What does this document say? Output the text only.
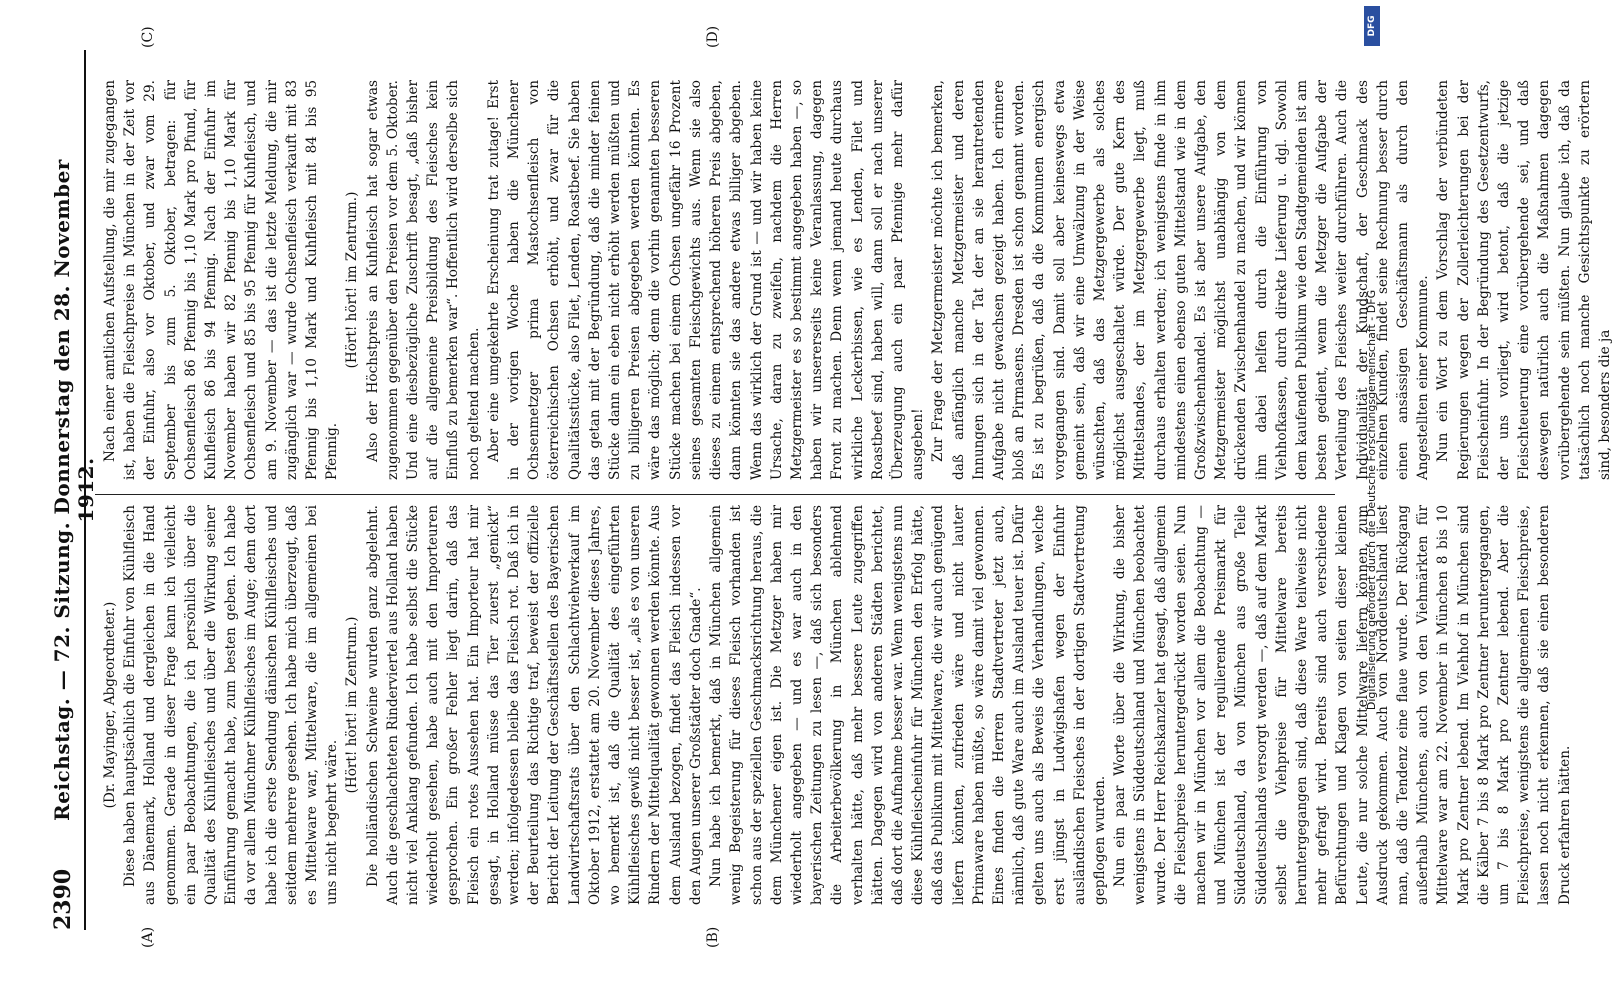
2390
Reichstag. — 72. Sitzung. Donnerstag den 28. November 1912.
(A)
(C)

(Dr. Mayinger, Abgeordneter.) Diese haben hauptsächlich die Einfuhr von Kühlfleisch aus Dänemark, Holland und dergleichen in die Hand genommen. Gerade in dieser Frage kann ich vielleicht ein paar Beobachtungen, die ich persönlich über die Qualität des Kühlfleisches und über die Wirkung seiner Einführung gemacht habe, zum besten geben. Ich habe da vor allem Münchner Kühlfleisches im Auge; denn dort habe ich die erste Sendung dänischen Kühlfleisches und seitdem mehrere gesehen. Ich habe mich überzeugt, daß es Mittelware war, Mittelware, die im allgemeinen bei uns nicht begehrt wäre.

(Hört! hört! im Zentrum.) Die holländischen Schweine wurden ganz abgelehnt. Auch die geschlachteten Rinderviertel aus Holland haben nicht viel Anklang gefunden. Ich habe selbst die Stücke wiederholt gesehen, habe auch mit den Importeuren gesprochen. Ein großer Fehler liegt darin, daß das Fleisch ein rotes Aussehen hat. Ein Importeur hat mir gesagt, in Holland müsse das Tier zuerst „genickt“ werden; infolgedessen bleibe das Fleisch rot. Daß ich in der Beurteilung das Richtige traf, beweist der offizielle Bericht der Leitung der Geschäftsstellen des Bayerischen Landwirtschaftsrats über den Schlachtviehverkauf im Oktober 1912, erstattet am 20. November dieses Jahres, wo bemerkt ist, daß die Qualität des eingeführten Kühlfleisches gewiß nicht besser ist, „als es von unseren Rindern der Mittelqualität gewonnen werden könnte. Aus dem Ausland bezogen, findet das Fleisch indessen vor den Augen unserer Großstädter doch Gnade“. Nun habe ich bemerkt, daß in München allgemein wenig Begeisterung für dieses Fleisch vorhanden ist schon aus der speziellen Geschmacksrichtung heraus, die dem Münchener eigen ist. Die Metzger haben mir wiederholt angegeben — und es war auch in den bayerischen Zeitungen zu lesen —, daß sich besonders die Arbeiterbevölkerung in München ablehnend verhalten hätte, daß mehr bessere Leute zugegriffen hätten. Dagegen wird von anderen Städten berichtet, daß dort die Aufnahme besser war. Wenn wenigstens nun diese Kühlfleischeinfuhr für München den Erfolg hätte, daß das Publikum mit Mittelware, die wir auch genügend liefern könnten, zufrieden wäre und nicht lauter Primaware haben müßte, so wäre damit viel gewonnen. Eines finden die Herren Stadtvertreter jetzt auch, nämlich, daß gute Ware auch im Ausland teuer ist. Dafür gelten uns auch als Beweis die Verhandlungen, welche erst jüngst in Ludwigshafen wegen der Einfuhr ausländischen Fleisches in der dortigen Stadtvertretung gepflogen wurden. Nun ein paar Worte über die Wirkung, die bisher wenigstens in Süddeutschland und München beobachtet wurde. Der Herr Reichskanzler hat gesagt, daß allgemein die Fleischpreise heruntergedrückt worden seien. Nun machen wir in München vor allem die Beobachtung — und München ist der regulierende Preismarkt für Süddeutschland, da von München aus große Teile Süddeutschlands versorgt werden —, daß auf dem Markt selbst die Viehpreise für Mittelware bereits heruntergegangen sind, daß diese Ware teilweise nicht mehr gefragt wird. Bereits sind auch verschiedene Befürchtungen und Klagen von seiten dieser kleinen Leute, die nur solche Mittelware liefern können, zum Ausdruck gekommen. Auch von Norddeutschland liest man, daß die Tendenz eine flaue wurde. Der Rückgang außerhalb Münchens, auch von den Viehmärkten für Mittelware war am 22. November in München 8 bis 10 Mark pro Zentner lebend. Im Viehhof in München sind die Kälber 7 bis 8 Mark pro Zentner heruntergegangen, um 7 bis 8 Mark pro Zentner lebend. Aber die Fleischpreise, wenigstens die allgemeinen Fleischpreise, lassen noch nicht erkennen, daß sie einen besonderen Druck erfahren hätten.

Nach einer amtlichen Aufstellung, die mir zugegangen ist, haben die Fleischpreise in München in der Zeit vor der Einfuhr, also vor Oktober, und zwar vom 29. September bis zum 5. Oktober, betragen: für Ochsenfleisch 86 Pfennig bis 1,10 Mark pro Pfund, für Kuhfleisch 86 bis 94 Pfennig. Nach der Einfuhr im November haben wir 82 Pfennig bis 1,10 Mark für Ochsenfleisch und 85 bis 95 Pfennig für Kuhfleisch, und am 9. November — das ist die letzte Meldung, die mir zugänglich war — wurde Ochsenfleisch verkauft mit 83 Pfennig bis 1,10 Mark und Kuhfleisch mit 84 bis 95 Pfennig.

(Hört! hört! im Zentrum.) Also der Höchstpreis an Kuhfleisch hat sogar etwas zugenommen gegenüber den Preisen vor dem 5. Oktober. Und eine diesbezügliche Zuschrift besagt, „daß bisher auf die allgemeine Preisbildung des Fleisches kein Einfluß zu bemerken war“. Hoffentlich wird derselbe sich noch geltend machen. Aber eine umgekehrte Erscheinung trat zutage! Erst in der vorigen Woche haben die Münchener Ochsenmetzger prima Mastochsenfleisch von österreichischen Ochsen erhöht, und zwar für die Qualitätsstücke, also Filet, Lenden, Roastbeef. Sie haben das getan mit der Begründung, daß die minder feinen Stücke dann ein eben nicht erhöht werden müßten und zu billigeren Preisen abgegeben werden könnten. Es wäre das möglich; denn die vorhin genannten besseren Stücke machen bei einem Ochsen ungefähr 16 Prozent seines gesamten Fleischgewichts aus. Wenn sie also dieses zu einem entsprechend höheren Preis abgeben, dann könnten sie das andere etwas billiger abgeben. Wenn das wirklich der Grund ist — und wir haben keine Ursache, daran zu zweifeln, nachdem die Herren Metzgermeister es so bestimmt angegeben haben —, so haben wir unsererseits keine Veranlassung, dagegen Front zu machen. Denn wenn jemand heute durchaus wirkliche Leckerbissen, wie es Lenden, Filet und Roastbeef sind, haben will, dann soll er nach unserer Überzeugung auch ein paar Pfennige mehr dafür ausgeben! Zur Frage der Metzgermeister möchte ich bemerken, daß anfänglich manche Metzgermeister und deren Innungen sich in der Tat der an sie herantretenden Aufgabe nicht gewachsen gezeigt haben. Ich erinnere bloß an Pirmasens. Dresden ist schon genannt worden. Es ist zu begrüßen, daß da die Kommunen energisch vorgegangen sind. Damit soll aber keineswegs etwa gemeint sein, daß wir eine Umwälzung in der Weise wünschten, daß das Metzgergewerbe als solches möglichst ausgeschaltet würde. Der gute Kern des Mittelstandes, der im Metzgergewerbe liegt, muß durchaus erhalten werden; ich wenigstens finde in ihm mindestens einen ebenso guten Mittelstand wie in dem Großzwischenhandel. Es ist aber unsere Aufgabe, den Metzgermeister möglichst unabhängig von dem drückenden Zwischenhandel zu machen, und wir können ihm dabei helfen durch die Einführung von Viehhofkassen, durch direkte Lieferung u. dgl. Sowohl dem kaufenden Publikum wie den Stadtgemeinden ist am besten gedient, wenn die Metzger die Aufgabe der Verteilung des Fleisches weiter durchführen. Auch die Individualität der Kundschaft, der Geschmack des einzelnen Kunden, findet seine Rechnung besser durch einen ansässigen Geschäftsmann als durch den Angestellten einer Kommune. Nun ein Wort zu dem Vorschlag der verbündeten Regierungen wegen der Zollerleichterungen bei der Fleischeinfuhr. In der Begründung des Gesetzentwurfs, der uns vorliegt, wird betont, daß die jetzige Fleischteuerung eine vorübergehende sei, und daß deswegen natürlich auch die Maßnahmen dagegen vorübergehende sein müßten. Nun glaube ich, daß da tatsächlich noch manche Gesichtspunkte zu erörtern sind, besonders die ja

(B)
(D)
Digitalisierung gefördert durch die Deutsche Forschungsgemeinschaft - DFG
DFG
